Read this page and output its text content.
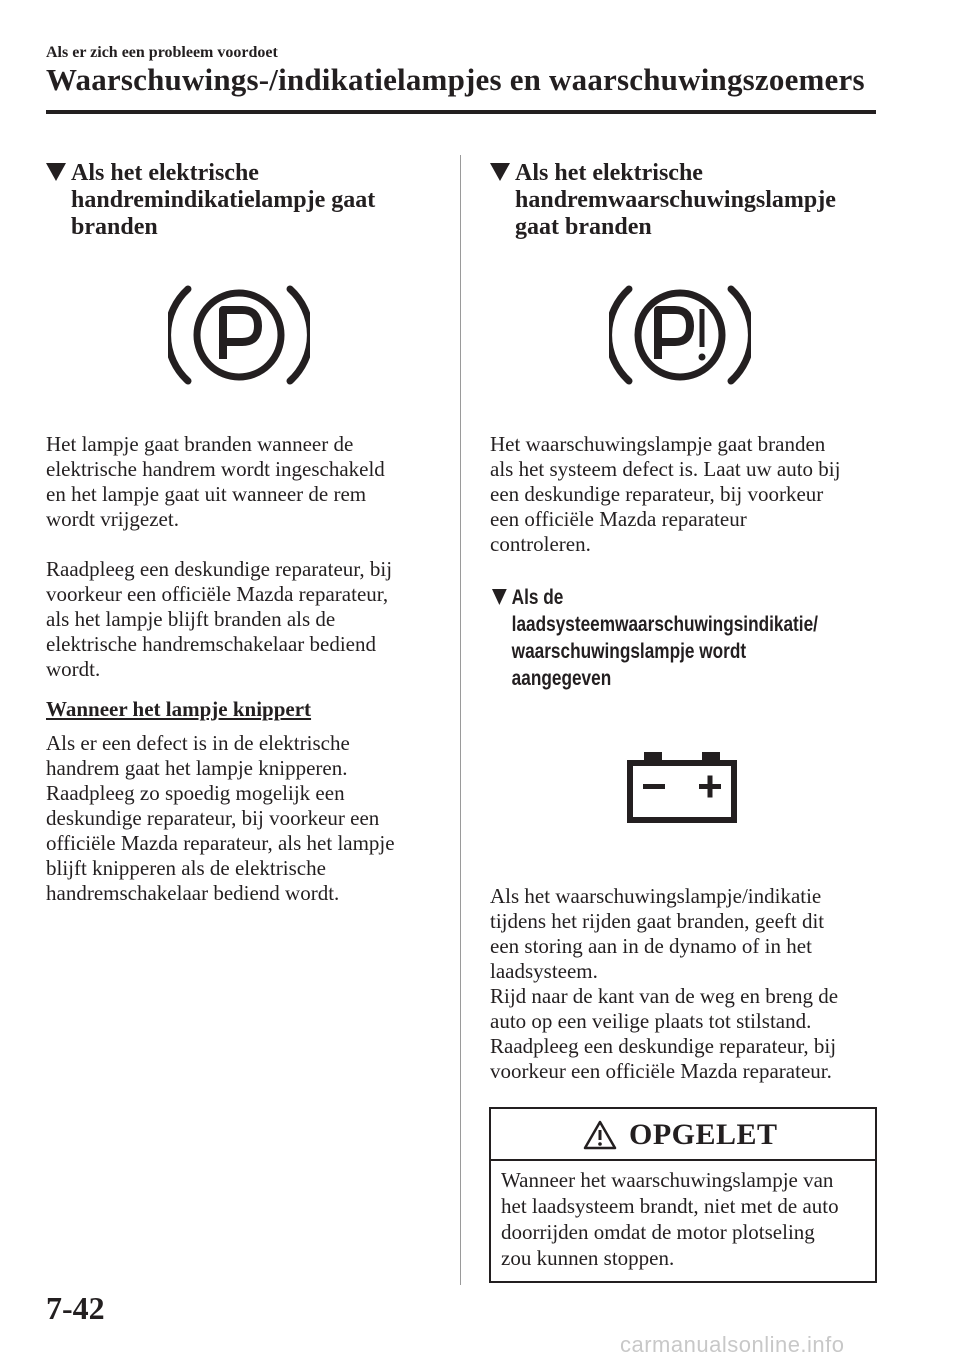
Als er zich een probleem voordoet
Waarschuwings-/indikatielampjes en waarschuwingszoemers
Als het elektrische
handremindikatielampje gaat
branden
Het lampje gaat branden wanneer de
elektrische handrem wordt ingeschakeld
en het lampje gaat uit wanneer de rem
wordt vrijgezet.
Raadpleeg een deskundige reparateur, bij
voorkeur een officiële Mazda reparateur,
als het lampje blijft branden als de
elektrische handremschakelaar bediend
wordt.
Wanneer het lampje knippert
Als er een defect is in de elektrische
handrem gaat het lampje knipperen.
Raadpleeg zo spoedig mogelijk een
deskundige reparateur, bij voorkeur een
officiële Mazda reparateur, als het lampje
blijft knipperen als de elektrische
handremschakelaar bediend wordt.
Als het elektrische
handremwaarschuwingslampje
gaat branden
Het waarschuwingslampje gaat branden
als het systeem defect is. Laat uw auto bij
een deskundige reparateur, bij voorkeur
een officiële Mazda reparateur
controleren.
Als de
laadsysteemwaarschuwingsindikatie/
waarschuwingslampje wordt
aangegeven
Als het waarschuwingslampje/indikatie
tijdens het rijden gaat branden, geeft dit
een storing aan in de dynamo of in het
laadsysteem.
Rijd naar de kant van de weg en breng de
auto op een veilige plaats tot stilstand.
Raadpleeg een deskundige reparateur, bij
voorkeur een officiële Mazda reparateur.
OPGELET
Wanneer het waarschuwingslampje van
het laadsysteem brandt, niet met de auto
doorrijden omdat de motor plotseling
zou kunnen stoppen.
7-42
carmanualsonline.info
